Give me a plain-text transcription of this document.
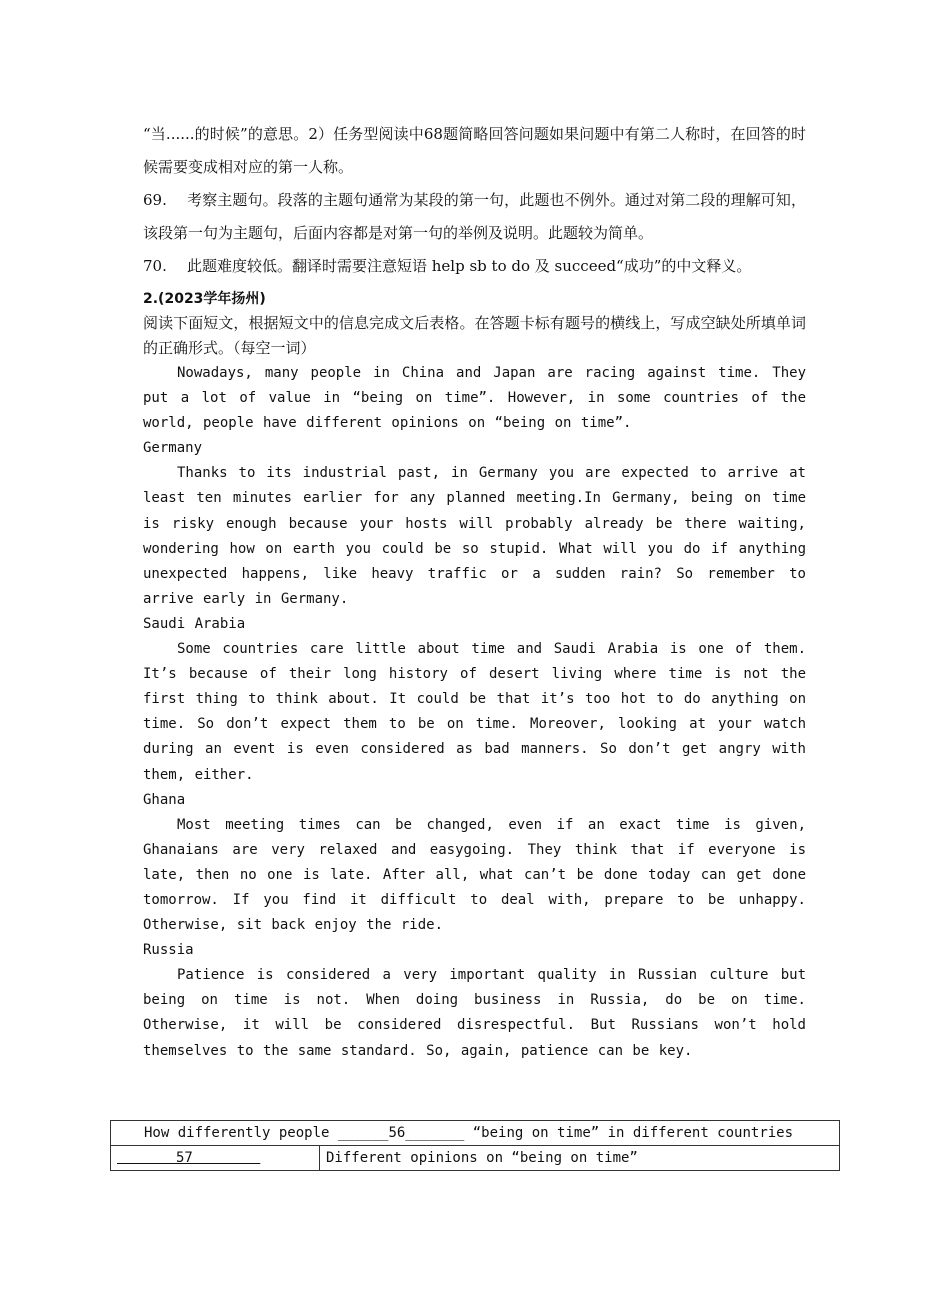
“当......的时候”的意思。2）任务型阅读中68题简略回答问题如果问题中有第二人称时，在回答的时候需要变成相对应的第一人称。

69. 考察主题句。段落的主题句通常为某段的第一句，此题也不例外。通过对第二段的理解可知，该段第一句为主题句，后面内容都是对第一句的举例及说明。此题较为简单。

70. 此题难度较低。翻译时需要注意短语 help sb to do 及 succeed“成功”的中文释义。

2.(2023学年扬州)

阅读下面短文，根据短文中的信息完成文后表格。在答题卡标有题号的横线上，写成空缺处所填单词的正确形式。（每空一词）

Nowadays, many people in China and Japan are racing against time. They put a lot of value in “being on time”. However, in some countries of the world, people have different opinions on “being on time”.

Germany

Thanks to its industrial past, in Germany you are expected to arrive at least ten minutes earlier for any planned meeting.In Germany, being on time is risky enough because your hosts will probably already be there waiting, wondering how on earth you could be so stupid. What will you do if anything unexpected happens, like heavy traffic or a sudden rain? So remember to arrive early in Germany.

Saudi Arabia

Some countries care little about time and Saudi Arabia is one of them. It’s because of their long history of desert living where time is not the first thing to think about. It could be that it’s too hot to do anything on time. So don’t expect them to be on time. Moreover, looking at your watch during an event is even considered as bad manners. So don’t get angry with them, either.

Ghana

Most meeting times can be changed, even if an exact time is given, Ghanaians are very relaxed and easygoing. They think that if everyone is late, then no one is late. After all, what can’t be done today can get done tomorrow. If you find it difficult to deal with, prepare to be unhappy. Otherwise, sit back enjoy the ride.

Russia

Patience is considered a very important quality in Russian culture but being on time is not. When doing business in Russia, do be on time. Otherwise, it will be considered disrespectful. But Russians won’t hold themselves to the same standard. So, again, patience can be key.

How differently people ______56_______ “being on time” in different countries
57	Different opinions on “being on time”
